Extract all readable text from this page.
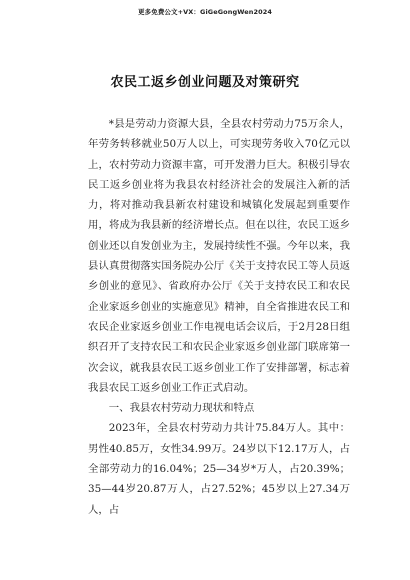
更多免费公文+VX：GiGeGongWen2024
农民工返乡创业问题及对策研究

*县是劳动力资源大县，全县农村劳动力75万余人，年劳务转移就业50万人以上，可实现劳务收入70亿元以上，农村劳动力资源丰富，可开发潜力巨大。积极引导农民工返乡创业将为我县农村经济社会的发展注入新的活力，将对推动我县新农村建设和城镇化发展起到重要作用，将成为我县新的经济增长点。但在以往，农民工返乡创业还以自发创业为主，发展持续性不强。今年以来，我县认真贯彻落实国务院办公厅《关于支持农民工等人员返乡创业的意见》、省政府办公厅《关于支持农民工和农民企业家返乡创业的实施意见》精神，自全省推进农民工和农民企业家返乡创业工作电视电话会议后，于2月28日组织召开了支持农民工和农民企业家返乡创业部门联席第一次会议，就我县农民工返乡创业工作了安排部署，标志着我县农民工返乡创业工作正式启动。

一、我县农村劳动力现状和特点

2023年，全县农村劳动力共计75.84万人。其中：男性40.85万，女性34.99万。24岁以下12.17万人，占全部劳动力的16.04%；25—34岁*万人，占20.39%；35—44岁20.87万人，占27.52%；45岁以上27.34万人，占
